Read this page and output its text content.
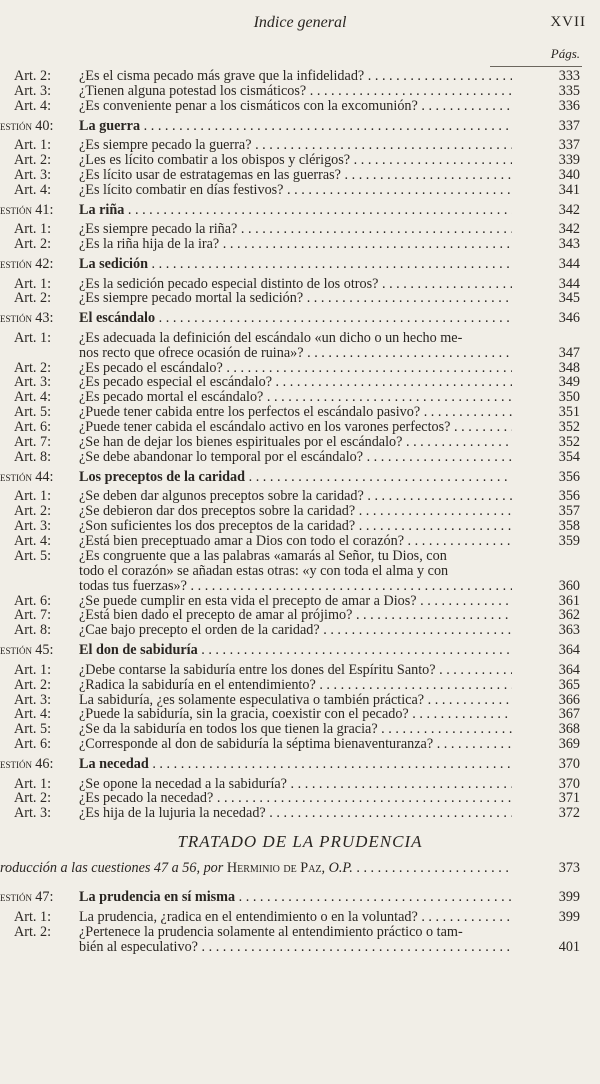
Indice general	XVII
Págs.
Art. 2: ¿Es el cisma pecado más grave que la infidelidad? . . .	333
Art. 3: ¿Tienen alguna potestad los cismáticos? . . .	335
Art. 4: ¿Es conveniente penar a los cismáticos con la excomunión? . . .	336
estión 40: La guerra . . .	337
Art. 1: ¿Es siempre pecado la guerra? . . .	337
Art. 2: ¿Les es lícito combatir a los obispos y clérigos? . . .	339
Art. 3: ¿Es lícito usar de estratagemas en las guerras? . . .	340
Art. 4: ¿Es lícito combatir en días festivos? . . .	341
estión 41: La riña . . .	342
Art. 1: ¿Es siempre pecado la riña? . . .	342
Art. 2: ¿Es la riña hija de la ira? . . .	343
estión 42: La sedición . . .	344
Art. 1: ¿Es la sedición pecado especial distinto de los otros? . . .	344
Art. 2: ¿Es siempre pecado mortal la sedición? . . .	345
estión 43: El escándalo . . .	346
Art. 1: ¿Es adecuada la definición del escándalo «un dicho o un hecho me-
nos recto que ofrece ocasión de ruina»? . . .	347
Art. 2: ¿Es pecado el escándalo? . . .	348
Art. 3: ¿Es pecado especial el escándalo? . . .	349
Art. 4: ¿Es pecado mortal el escándalo? . . .	350
Art. 5: ¿Puede tener cabida entre los perfectos el escándalo pasivo? . . .	351
Art. 6: ¿Puede tener cabida el escándalo activo en los varones perfectos? . . .	352
Art. 7: ¿Se han de dejar los bienes espirituales por el escándalo? . . .	352
Art. 8: ¿Se debe abandonar lo temporal por el escándalo? . . .	354
estión 44: Los preceptos de la caridad . . .	356
Art. 1: ¿Se deben dar algunos preceptos sobre la caridad? . . .	356
Art. 2: ¿Se debieron dar dos preceptos sobre la caridad? . . .	357
Art. 3: ¿Son suficientes los dos preceptos de la caridad? . . .	358
Art. 4: ¿Está bien preceptuado amar a Dios con todo el corazón? . . .	359
Art. 5: ¿Es congruente que a las palabras «amarás al Señor, tu Dios, con
todo el corazón» se añadan estas otras: «y con toda el alma y con
todas tus fuerzas»? . . .	360
Art. 6: ¿Se puede cumplir en esta vida el precepto de amar a Dios? . . .	361
Art. 7: ¿Está bien dado el precepto de amar al prójimo? . . .	362
Art. 8: ¿Cae bajo precepto el orden de la caridad? . . .	363
estión 45: El don de sabiduría . . .	364
Art. 1: ¿Debe contarse la sabiduría entre los dones del Espíritu Santo? . . .	364
Art. 2: ¿Radica la sabiduría en el entendimiento? . . .	365
Art. 3: La sabiduría, ¿es solamente especulativa o también práctica? . . .	366
Art. 4: ¿Puede la sabiduría, sin la gracia, coexistir con el pecado? . . .	367
Art. 5: ¿Se da la sabiduría en todos los que tienen la gracia? . . .	368
Art. 6: ¿Corresponde al don de sabiduría la séptima bienaventuranza? . . .	369
estión 46: La necedad . . .	370
Art. 1: ¿Se opone la necedad a la sabiduría? . . .	370
Art. 2: ¿Es pecado la necedad? . . .	371
Art. 3: ¿Es hija de la lujuria la necedad? . . .	372
TRATADO DE LA PRUDENCIA
roducción a las cuestiones 47 a 56, por Herminio de Paz, O.P. . . .	373
estión 47: La prudencia en sí misma . . .	399
Art. 1: La prudencia, ¿radica en el entendimiento o en la voluntad? . . .	399
Art. 2: ¿Pertenece la prudencia solamente al entendimiento práctico o tam-
bién al especulativo? . . .	401
